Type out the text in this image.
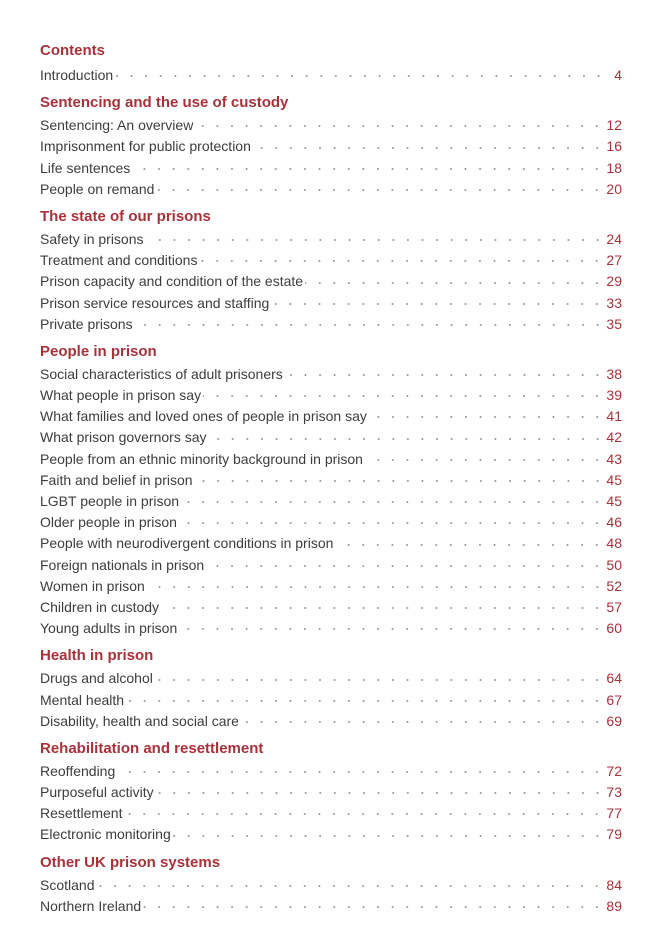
Contents
Introduction	4
Sentencing and the use of custody
Sentencing: An overview	12
Imprisonment for public protection	16
Life sentences	18
People on remand	20
The state of our prisons
Safety in prisons	24
Treatment and conditions	27
Prison capacity and condition of the estate	29
Prison service resources and staffing	33
Private prisons	35
People in prison
Social characteristics of adult prisoners	38
What people in prison say	39
What families and loved ones of people in prison say	41
What prison governors say	42
People from an ethnic minority background in prison	43
Faith and belief in prison	45
LGBT people in prison	45
Older people in prison	46
People with neurodivergent conditions in prison	48
Foreign nationals in prison	50
Women in prison	52
Children in custody	57
Young adults in prison	60
Health in prison
Drugs and alcohol	64
Mental health	67
Disability, health and social care	69
Rehabilitation and resettlement
Reoffending	72
Purposeful activity	73
Resettlement	77
Electronic monitoring	79
Other UK prison systems
Scotland	84
Northern Ireland	89
